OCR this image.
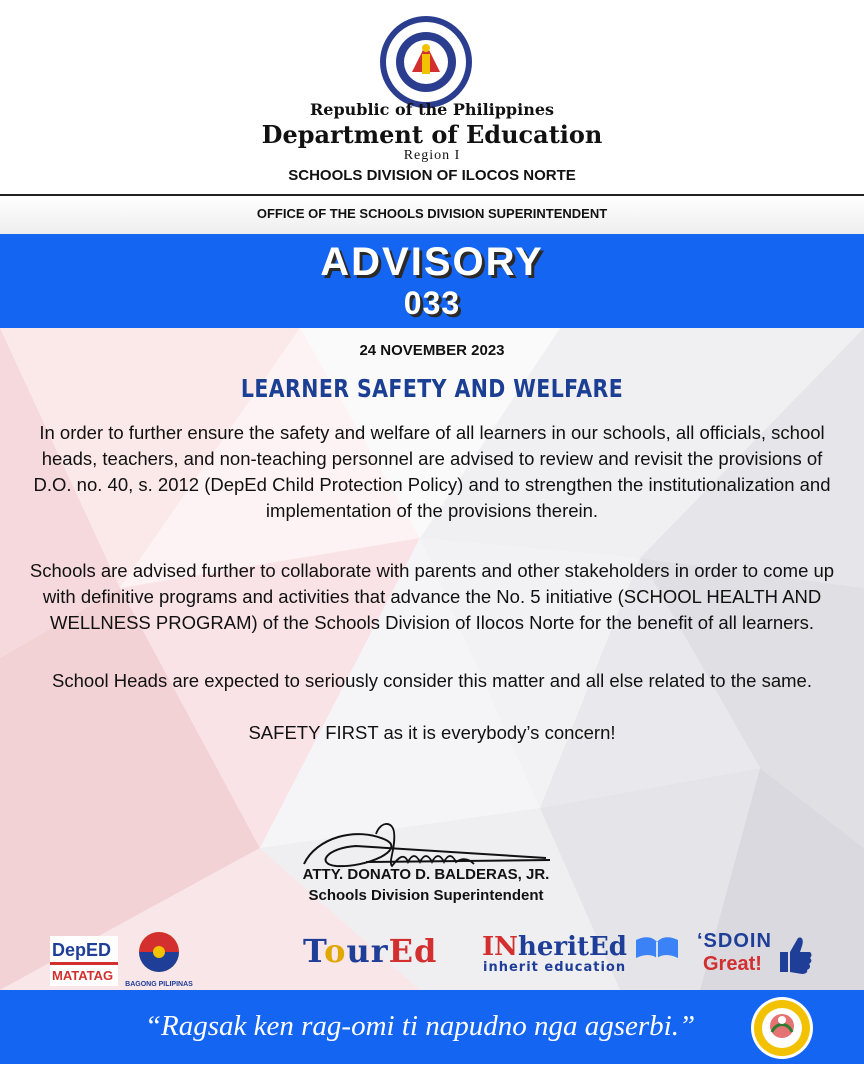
Republic of the Philippines
Department of Education
Region I
SCHOOLS DIVISION OF ILOCOS NORTE
OFFICE OF THE SCHOOLS DIVISION SUPERINTENDENT
ADVISORY
033
24 NOVEMBER 2023
LEARNER SAFETY AND WELFARE
In order to further ensure the safety and welfare of all learners in our schools, all officials, school heads, teachers, and non-teaching personnel are advised to review and revisit the provisions of D.O. no. 40, s. 2012 (DepEd Child Protection Policy) and to strengthen the institutionalization and implementation of the provisions therein.
Schools are advised further to collaborate with parents and other stakeholders in order to come up with definitive programs and activities that advance the No. 5 initiative (SCHOOL HEALTH AND WELLNESS PROGRAM) of the Schools Division of Ilocos Norte for the benefit of all learners.
School Heads are expected to seriously consider this matter and all else related to the same.
SAFETY FIRST as it is everybody’s concern!
ATTY. DONATO D. BALDERAS, JR.
Schools Division Superintendent
DepED
MATATAG
BAGONG PILIPINAS
TourEd INheritEd
inherit education
‘SDOIN
Great!
“Ragsak ken rag-omi ti napudno nga agserbi.”
